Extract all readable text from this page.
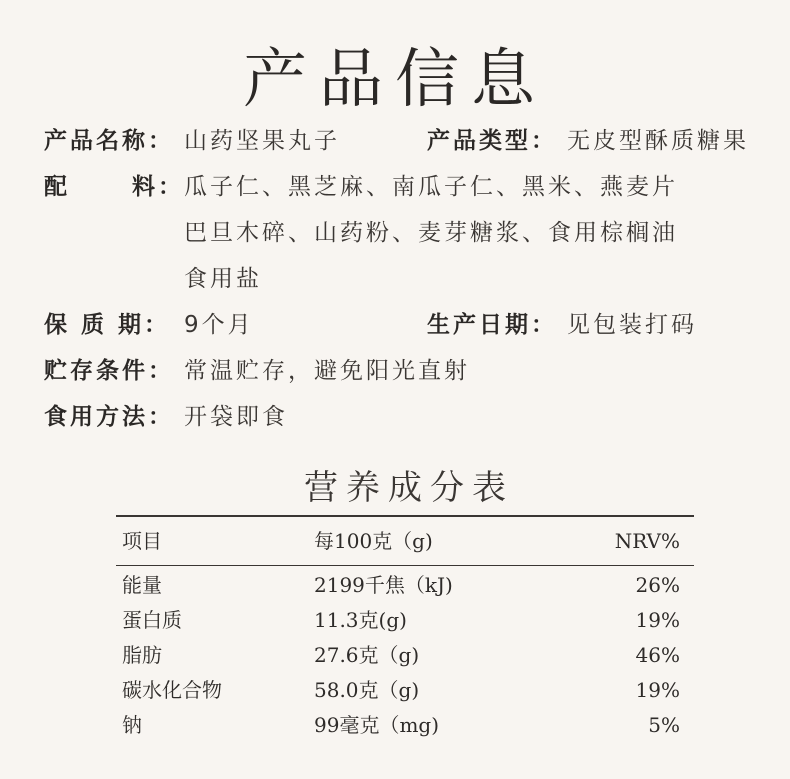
产品信息
产品名称： 山药坚果丸子	产品类型： 无皮型酥质糖果
配	料： 瓜子仁、黑芝麻、南瓜子仁、黑米、燕麦片
巴旦木碎、山药粉、麦芽糖浆、食用棕榈油
食用盐
保 质 期： 9个月	生产日期： 见包装打码
贮存条件： 常温贮存，避免阳光直射
食用方法： 开袋即食
营养成分表
项目	每100克（g)	NRV%
能量	2199千焦（kJ)	26%
蛋白质	11.3克(g)	19%
脂肪	27.6克（g)	46%
碳水化合物	58.0克（g)	19%
钠	99毫克（mg)	5%
